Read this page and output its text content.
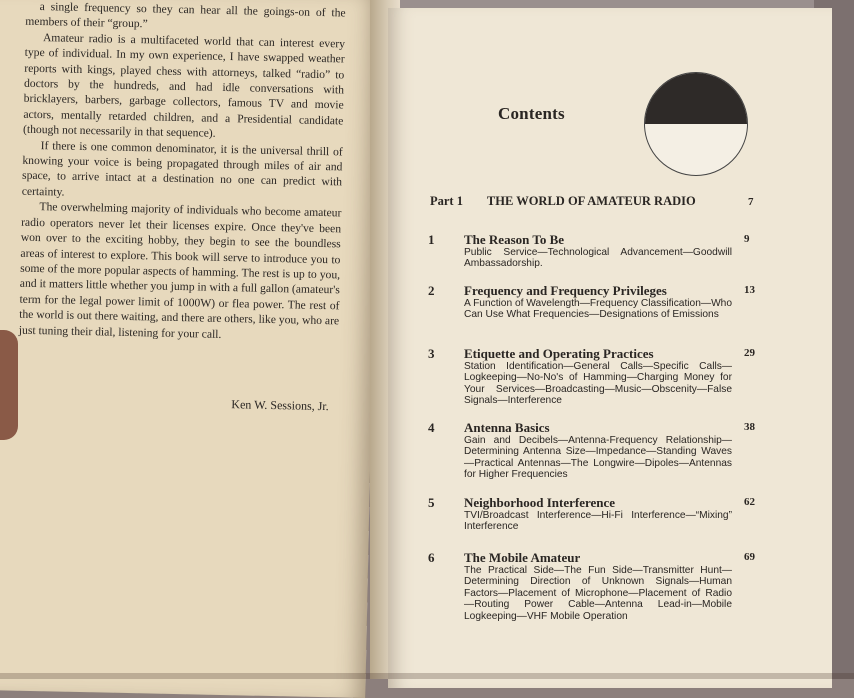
a single frequency so they can hear all the goings-on of the members of their “group.”

Amateur radio is a multifaceted world that can interest every type of individual. In my own experience, I have swapped weather reports with kings, played chess with attorneys, talked “radio” to doctors by the hundreds, and had idle conversations with bricklayers, barbers, garbage collectors, famous TV and movie actors, mentally retarded children, and a Presidential candidate (though not necessarily in that sequence).

If there is one common denominator, it is the universal thrill of knowing your voice is being propagated through miles of air and space, to arrive intact at a destination no one can predict with certainty.

The overwhelming majority of individuals who become amateur radio operators never let their licenses expire. Once they've been won over to the exciting hobby, they begin to see the boundless areas of interest to explore. This book will serve to introduce you to some of the more popular aspects of hamming. The rest is up to you, and it matters little whether you jump in with a full gallon (amateur's term for the legal power limit of 1000W) or flea power. The rest of the world is out there waiting, and there are others, like you, who are just tuning their dial, listening for your call.

Ken W. Sessions, Jr.
Contents
Part 1 THE WORLD OF AMATEUR RADIO	7
1 The Reason To Be	9
Public Service—Technological Advancement—Goodwill Ambassadorship.
2 Frequency and Frequency Privileges	13
A Function of Wavelength—Frequency Classification—Who Can Use What Frequencies—Designations of Emissions
3 Etiquette and Operating Practices	29
Station Identification—General Calls—Specific Calls—Logkeeping—No-No's of Hamming—Charging Money for Your Services—Broadcasting—Music—Obscenity—False Signals—Interference
4 Antenna Basics	38
Gain and Decibels—Antenna-Frequency Relationship—Determining Antenna Size—Impedance—Standing Waves—Practical Antennas—The Longwire—Dipoles—Antennas for Higher Frequencies
5 Neighborhood Interference	62
TVI/Broadcast Interference—Hi-Fi Interference—“Mixing” Interference
6 The Mobile Amateur	69
The Practical Side—The Fun Side—Transmitter Hunt—Determining Direction of Unknown Signals—Human Factors—Placement of Microphone—Placement of Radio—Routing Power Cable—Antenna Lead-in—Mobile Logkeeping—VHF Mobile Operation
